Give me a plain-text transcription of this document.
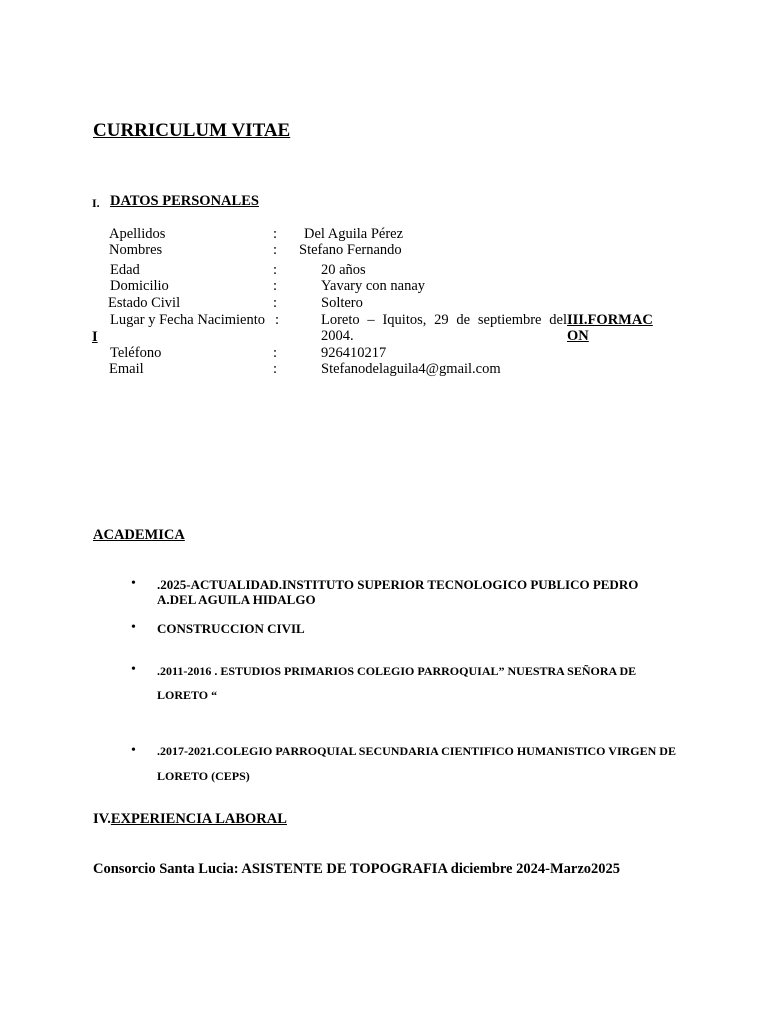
CURRICULUM VITAE
I. DATOS PERSONALES
Apellidos	: Del Aguila Pérez
Nombres	: Stefano Fernando
Edad	:	20 años
Domicilio	:	Yavary con nanay
Estado Civil	:	Soltero
Lugar y Fecha Nacimiento :	Loreto – Iquitos, 29 de septiembre del
2004.
III.FORMAC
ON
I
Teléfono	:	926410217
Email	:	Stefanodelaguila4@gmail.com
ACADEMICA
• .2025-ACTUALIDAD.INSTITUTO SUPERIOR TECNOLOGICO PUBLICO PEDRO
A.DEL AGUILA HIDALGO
• CONSTRUCCION CIVIL
• .2011-2016 . ESTUDIOS PRIMARIOS COLEGIO PARROQUIAL” NUESTRA SEÑORA DE
LORETO “
• .2017-2021.COLEGIO PARROQUIAL SECUNDARIA CIENTIFICO HUMANISTICO VIRGEN DE
LORETO (CEPS)
IV.EXPERIENCIA LABORAL
Consorcio Santa Lucia: ASISTENTE DE TOPOGRAFIA diciembre 2024-Marzo2025
